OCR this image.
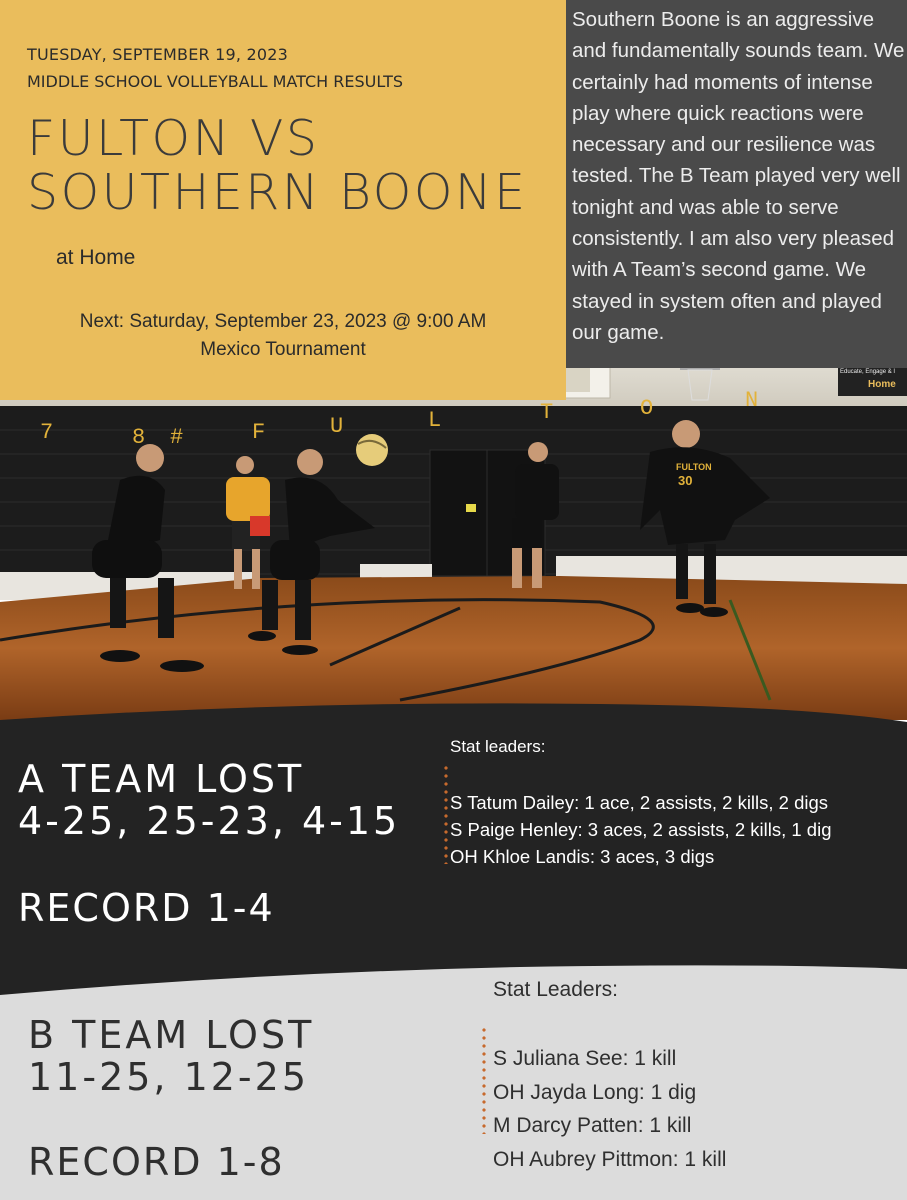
Educate, Engage & I
Home
7	8 #	F	U	L	T	O	N
FULTON
30
TUESDAY, SEPTEMBER 19, 2023
MIDDLE SCHOOL VOLLEYBALL MATCH RESULTS
FULTON VS
SOUTHERN BOONE
at Home
Next: Saturday, September 23, 2023 @ 9:00 AM
Mexico Tournament

Southern Boone is an aggressive and fundamentally sounds team. We certainly had moments of intense play where quick reactions were necessary and our resilience was tested. The B Team played very well tonight and was able to serve consistently. I am also very pleased with A Team’s second game. We stayed in system often and played our game.

A TEAM LOST
4-25, 25-23, 4-15
RECORD 1-4
Stat leaders:
S Tatum Dailey: 1 ace, 2 assists, 2 kills, 2 digs
S Paige Henley: 3 aces, 2 assists, 2 kills, 1 dig
OH Khloe Landis: 3 aces, 3 digs
B TEAM LOST
11-25, 12-25
RECORD 1-8
Stat Leaders:
S Juliana See: 1 kill
OH Jayda Long: 1 dig
M Darcy Patten: 1 kill
OH Aubrey Pittmon: 1 kill
